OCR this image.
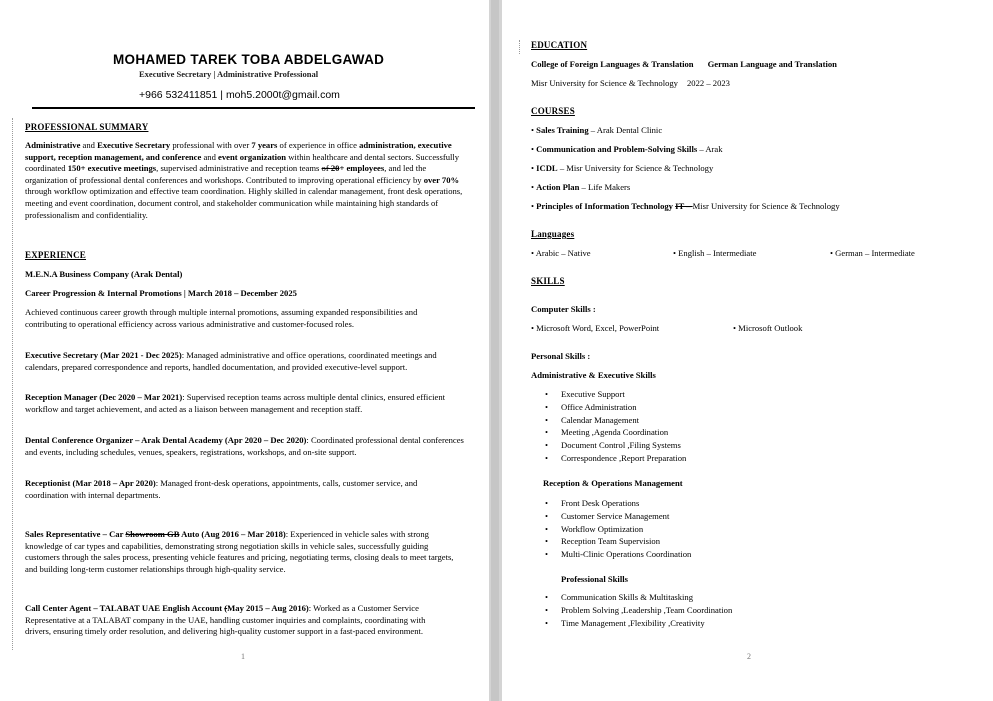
MOHAMED TAREK TOBA ABDELGAWAD
Executive Secretary | Administrative Professional
+966 532411851 | moh5.2000t@gmail.com
PROFESSIONAL SUMMARY
Administrative and Executive Secretary professional with over 7 years of experience in office administration, executive support, reception management, and conference and event organization within healthcare and dental sectors. Successfully coordinated 150+ executive meetings, supervised administrative and reception teams of 20+ employees, and led the organization of professional dental conferences and workshops. Contributed to improving operational efficiency by over 70% through workflow optimization and effective team coordination. Highly skilled in calendar management, front desk operations, meeting and event coordination, document control, and stakeholder communication while maintaining high standards of professionalism and confidentiality.
EXPERIENCE
M.E.N.A Business Company (Arak Dental)
Career Progression & Internal Promotions | March 2018 – December 2025
Achieved continuous career growth through multiple internal promotions, assuming expanded responsibilities and contributing to operational efficiency across various administrative and customer-focused roles.
Executive Secretary (Mar 2021 - Dec 2025): Managed administrative and office operations, coordinated meetings and calendars, prepared correspondence and reports, handled documentation, and provided executive-level support.
Reception Manager (Dec 2020 – Mar 2021): Supervised reception teams across multiple dental clinics, ensured efficient workflow and target achievement, and acted as a liaison between management and reception staff.
Dental Conference Organizer – Arak Dental Academy (Apr 2020 – Dec 2020): Coordinated professional dental conferences and events, including schedules, venues, speakers, registrations, workshops, and on-site support.
Receptionist (Mar 2018 – Apr 2020): Managed front-desk operations, appointments, calls, customer service, and coordination with internal departments.
Sales Representative – Car Showroom GB Auto (Aug 2016 – Mar 2018): Experienced in vehicle sales with strong knowledge of car types and capabilities, demonstrating strong negotiation skills in vehicle sales, successfully guiding customers through the sales process, presenting vehicle features and pricing, negotiating terms, closing deals to meet targets, and building long-term customer relationships through high-quality service.
Call Center Agent – TALABAT UAE English Account (May 2015 – Aug 2016): Worked as a Customer Service Representative at a TALABAT company in the UAE, handling customer inquiries and complaints, coordinating with drivers, ensuring timely order resolution, and delivering high-quality customer support in a fast-paced environment.
1
EDUCATION
College of Foreign Languages & Translation German Language and Translation
Misr University for Science & Technology 2022 – 2023
COURSES
• Sales Training – Arak Dental Clinic
• Communication and Problem-Solving Skills – Arak
• ICDL – Misr University for Science & Technology
• Action Plan – Life Makers
• Principles of Information Technology IT – Misr University for Science & Technology
Languages
• Arabic – Native	• English – Intermediate	• German – Intermediate
SKILLS
Computer Skills :
• Microsoft Word, Excel, PowerPoint	• Microsoft Outlook
Personal Skills :
Administrative & Executive Skills
• Executive Support
• Office Administration
• Calendar Management
• Meeting ,Agenda Coordination
• Document Control ,Filing Systems
• Correspondence ,Report Preparation
Reception & Operations Management
• Front Desk Operations
• Customer Service Management
• Workflow Optimization
• Reception Team Supervision
• Multi-Clinic Operations Coordination
Professional Skills
• Communication Skills & Multitasking
• Problem Solving ,Leadership ,Team Coordination
• Time Management ,Flexibility ,Creativity
2
